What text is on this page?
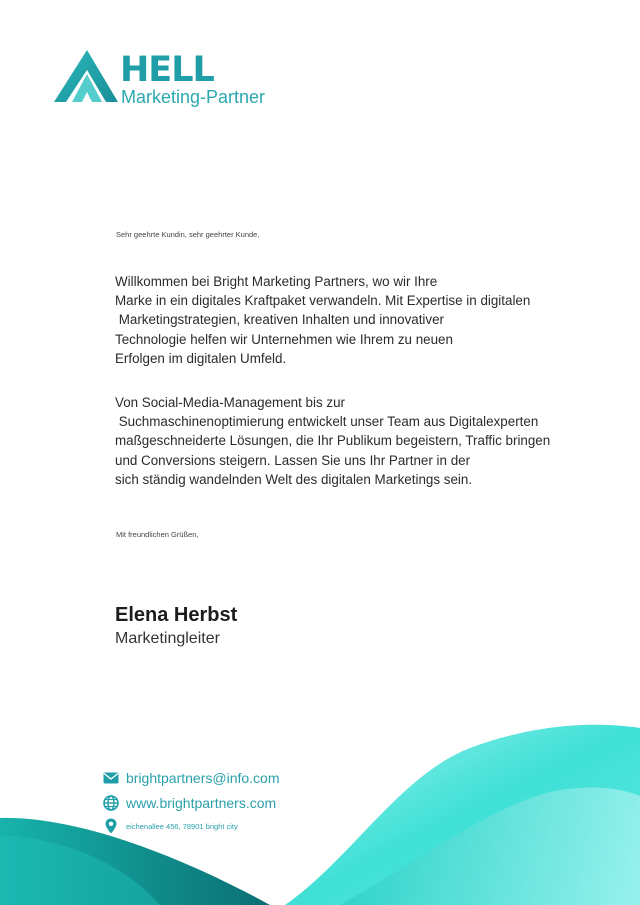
HELL
Marketing-Partner
Sehr geehrte Kundin, sehr geehrter Kunde,
Willkommen bei Bright Marketing Partners, wo wir Ihre
Marke in ein digitales Kraftpaket verwandeln. Mit Expertise in digitalen
Marketingstrategien, kreativen Inhalten und innovativer
Technologie helfen wir Unternehmen wie Ihrem zu neuen
Erfolgen im digitalen Umfeld.
Von Social-Media-Management bis zur
Suchmaschinenoptimierung entwickelt unser Team aus Digitalexperten
maßgeschneiderte Lösungen, die Ihr Publikum begeistern, Traffic bringen
und Conversions steigern. Lassen Sie uns Ihr Partner in der
sich ständig wandelnden Welt des digitalen Marketings sein.
Mit freundlichen Grüßen,
Elena Herbst
Marketingleiter
brightpartners@info.com
www.brightpartners.com
eichenallee 456, 78901 bright city
